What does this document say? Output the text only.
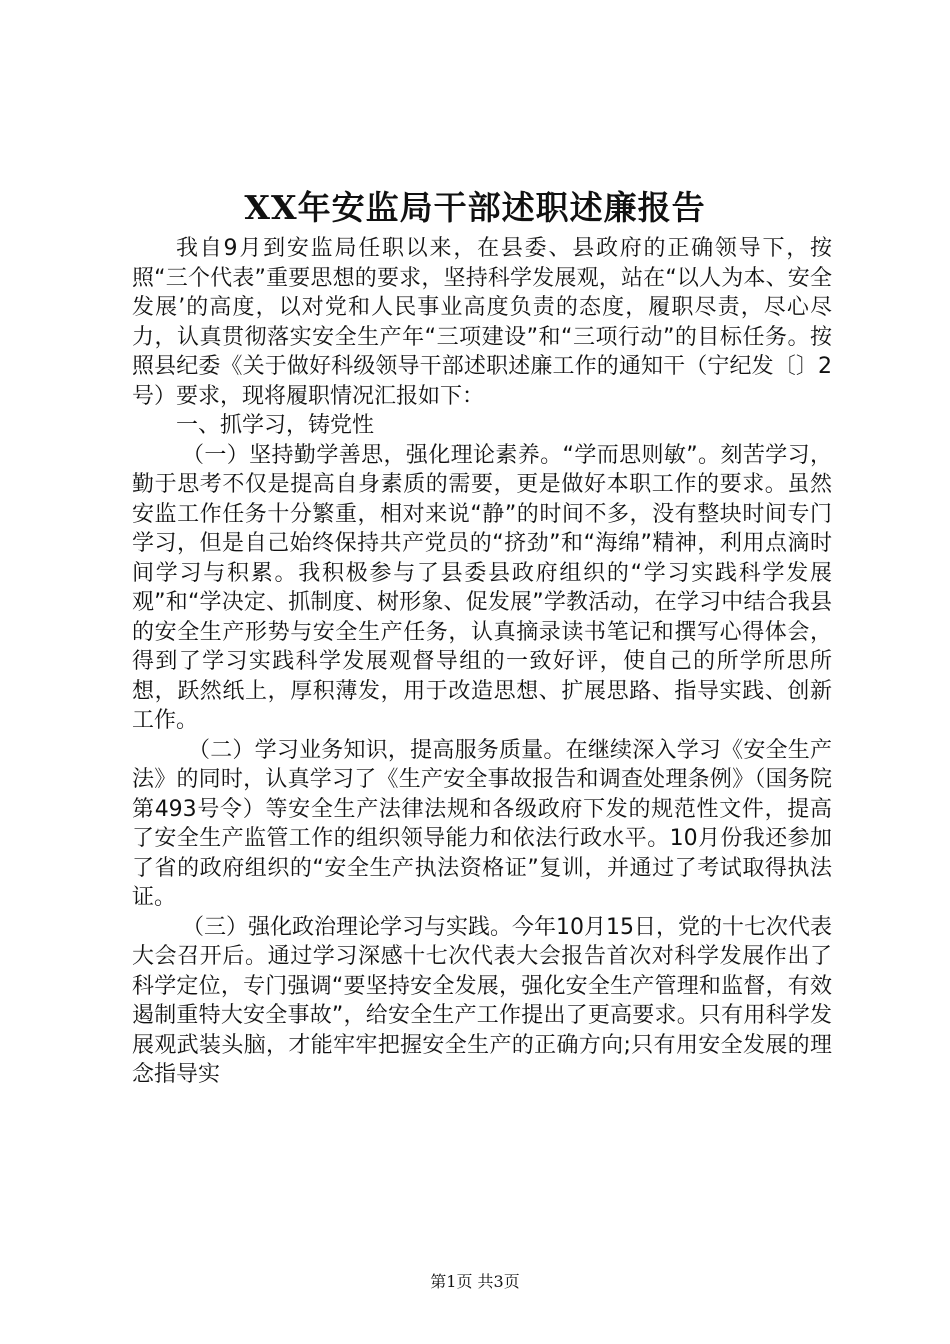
XX年安监局干部述职述廉报告

我自9月到安监局任职以来，在县委、县政府的正确领导下，按照“三个代表”重要思想的要求，坚持科学发展观，站在“以人为本、安全发展’的高度，以对党和人民事业高度负责的态度，履职尽责，尽心尽力，认真贯彻落实安全生产年“三项建设”和“三项行动”的目标任务。按照县纪委《关于做好科级领导干部述职述廉工作的通知干（宁纪发〔〕2号）要求，现将履职情况汇报如下：

一、抓学习，铸党性

（一）坚持勤学善思，强化理论素养。“学而思则敏”。刻苦学习，勤于思考不仅是提高自身素质的需要，更是做好本职工作的要求。虽然安监工作任务十分繁重，相对来说“静”的时间不多，没有整块时间专门学习，但是自己始终保持共产党员的“挤劲”和“海绵”精神，利用点滴时间学习与积累。我积极参与了县委县政府组织的“学习实践科学发展观”和“学决定、抓制度、树形象、促发展”学教活动，在学习中结合我县的安全生产形势与安全生产任务，认真摘录读书笔记和撰写心得体会，得到了学习实践科学发展观督导组的一致好评，使自己的所学所思所想，跃然纸上，厚积薄发，用于改造思想、扩展思路、指导实践、创新工作。

（二）学习业务知识，提高服务质量。在继续深入学习《安全生产法》的同时，认真学习了《生产安全事故报告和调查处理条例》（国务院第493号令）等安全生产法律法规和各级政府下发的规范性文件，提高了安全生产监管工作的组织领导能力和依法行政水平。10月份我还参加了省的政府组织的“安全生产执法资格证”复训，并通过了考试取得执法证。

（三）强化政治理论学习与实践。今年10月15日，党的十七次代表大会召开后。通过学习深感十七次代表大会报告首次对科学发展作出了科学定位，专门强调“要坚持安全发展，强化安全生产管理和监督，有效遏制重特大安全事故”，给安全生产工作提出了更高要求。只有用科学发展观武装头脑，才能牢牢把握安全生产的正确方向;只有用安全发展的理念指导实

第1页 共3页
